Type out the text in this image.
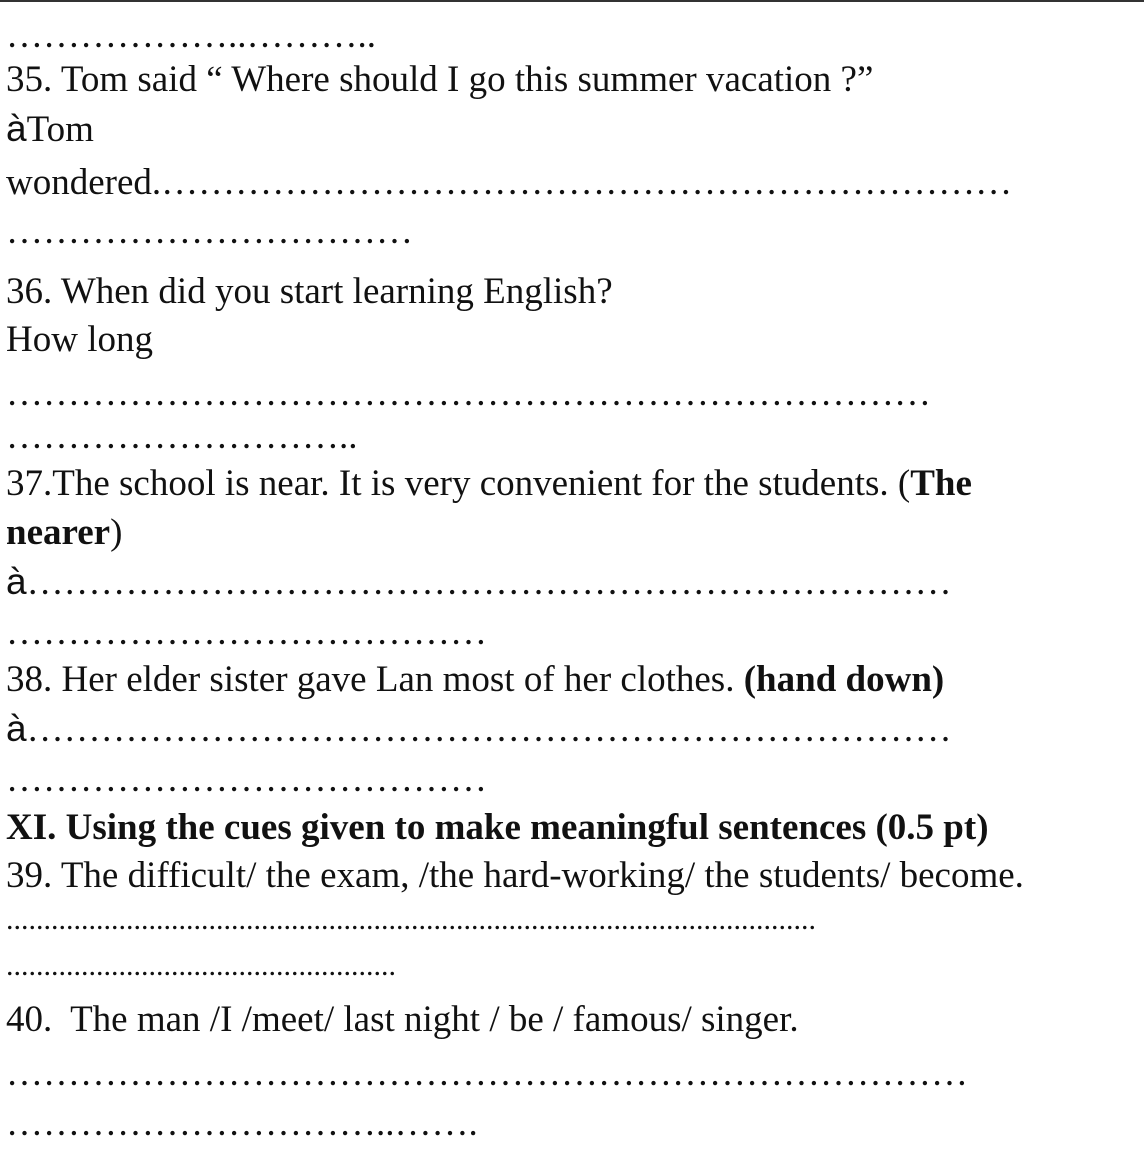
………………..………..
35. Tom said “ Where should I go this summer vacation ?”
àTom
wondered.……………………………………………………………
……………………………
36. When did you start learning English?
How long
…………………………………………………………………
………………………..
37.The school is near. It is very convenient for the students. (The
nearer)
à…………………………………………………………………
…………………………………
38. Her elder sister gave Lan most of her clothes. (hand down)
à…………………………………………………………………
…………………………………
XI. Using the cues given to make meaningful sentences (0.5 pt)
39. The difficult/ the exam, /the hard-working/ the students/ become.
............................................................................................................
....................................................
40.  The man /I /meet/ last night / be / famous/ singer.
……………………………………………………………………
…………………………..…….
